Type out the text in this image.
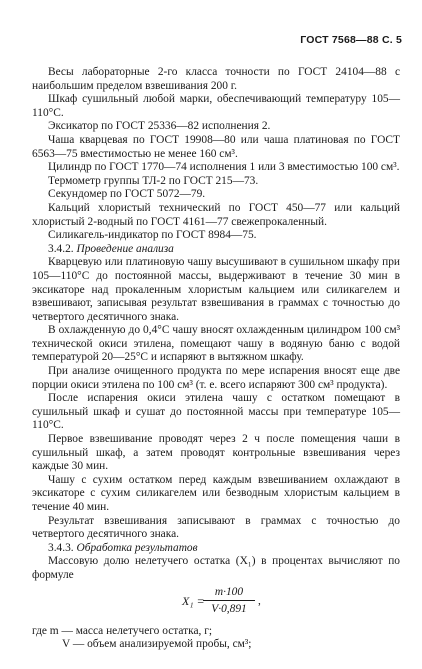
ГОСТ 7568—88 С. 5

Весы лабораторные 2-го класса точности по ГОСТ 24104—88 с наибольшим пределом взвешивания 200 г.

Шкаф сушильный любой марки, обеспечивающий температуру 105—110°С.

Эксикатор по ГОСТ 25336—82 исполнения 2.

Чаша кварцевая по ГОСТ 19908—80 или чаша платиновая по ГОСТ 6563—75 вместимостью не менее 160 см³.

Цилиндр по ГОСТ 1770—74 исполнения 1 или 3 вместимостью 100 см³.

Термометр группы ТЛ-2 по ГОСТ 215—73.

Секундомер по ГОСТ 5072—79.

Кальций хлористый технический по ГОСТ 450—77 или кальций хлористый 2-водный по ГОСТ 4161—77 свежепрокаленный.

Силикагель-индикатор по ГОСТ 8984—75.

3.4.2. Проведение анализа

Кварцевую или платиновую чашу высушивают в сушильном шкафу при 105—110°С до постоянной массы, выдерживают в течение 30 мин в эксикаторе над прокаленным хлористым кальцием или силикагелем и взвешивают, записывая результат взвешивания в граммах с точностью до четвертого десятичного знака.

В охлажденную до 0,4°С чашу вносят охлажденным цилиндром 100 см³ технической окиси этилена, помещают чашу в водяную баню с водой температурой 20—25°С и испаряют в вытяжном шкафу.

При анализе очищенного продукта по мере испарения вносят еще две порции окиси этилена по 100 см³ (т. е. всего испаряют 300 см³ продукта).

После испарения окиси этилена чашу с остатком помещают в сушильный шкаф и сушат до постоянной массы при температуре 105—110°С.

Первое взвешивание проводят через 2 ч после помещения чаши в сушильный шкаф, а затем проводят контрольные взвешивания через каждые 30 мин.

Чашу с сухим остатком перед каждым взвешиванием охлаждают в эксикаторе с сухим силикагелем или безводным хлористым кальцием в течение 40 мин.

Результат взвешивания записывают в граммах с точностью до четвертого десятичного знака.

3.4.3. Обработка результатов

Массовую долю нелетучего остатка (X₁) в процентах вычисляют по формуле

X₁ =
m·100
V·0,891
,

где m — масса нелетучего остатка, г;

V — объем анализируемой пробы, см³;
